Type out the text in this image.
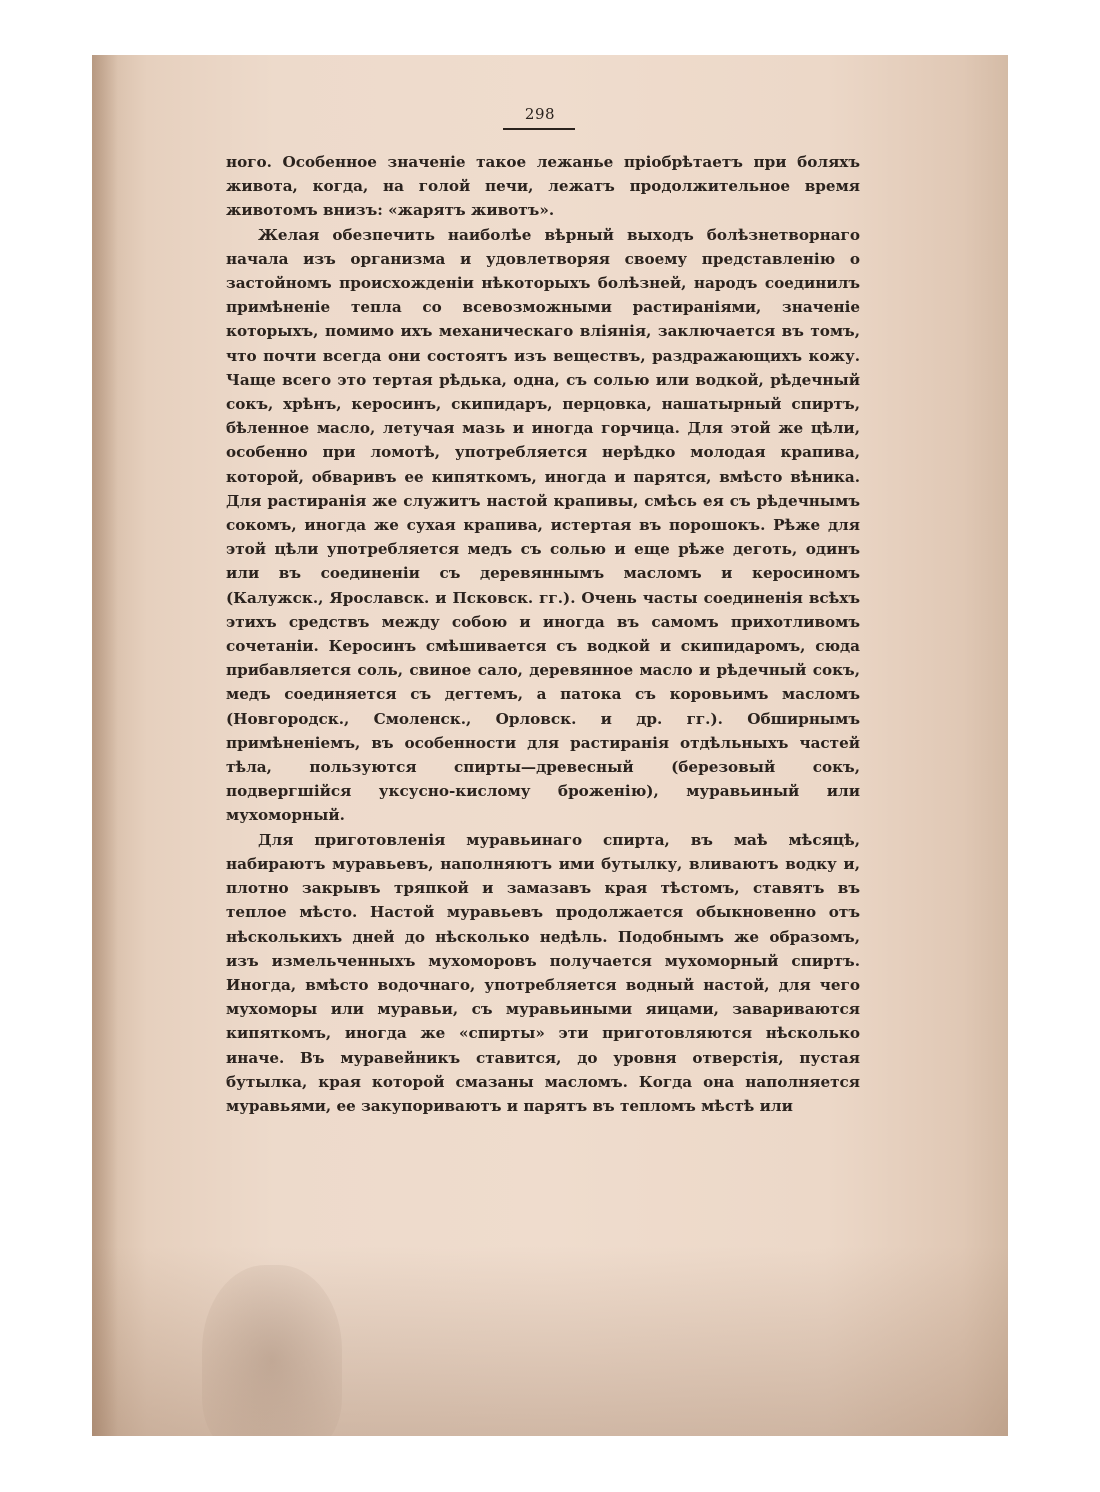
298

ного. Особенное значенie такое лежанье прiобрѣтаетъ при боляхъ живота, когда, на голой печи, лежатъ продолжительное время животомъ внизъ: «жарятъ животъ».

Желая обезпечить наиболѣе вѣрный выходъ болѣзнетворнаго начала изъ организма и удовлетворяя своему представленiю о застойномъ происхожденiи нѣкоторыхъ болѣзней, народъ соединилъ примѣненiе тепла со всевозможными растиранiями, значенiе которыхъ, помимо ихъ механическаго влiянiя, заключается въ томъ, что почти всегда они состоятъ изъ веществъ, раздражающихъ кожу. Чаще всего это тертая рѣдька, одна, съ солью или водкой, рѣдечный сокъ, хрѣнъ, керосинъ, скипидаръ, перцовка, нашатырный спиртъ, бѣленное масло, летучая мазь и иногда горчица. Для этой же цѣли, особенно при ломотѣ, употребляется нерѣдко молодая крапива, которой, обваривъ ее кипяткомъ, иногда и парятся, вмѣсто вѣника. Для растиранiя же служитъ настой крапивы, смѣсь ея съ рѣдечнымъ сокомъ, иногда же сухая крапива, истертая въ порошокъ. Рѣже для этой цѣли употребляется медъ съ солью и еще рѣже деготь, одинъ или въ соединенiи съ деревяннымъ масломъ и керосиномъ (Калужск., Ярославск. и Псковск. гг.). Очень часты соединенiя всѣхъ этихъ средствъ между собою и иногда въ самомъ прихотливомъ сочетанiи. Керосинъ смѣшивается съ водкой и скипидаромъ, сюда прибавляется соль, свиное сало, деревянное масло и рѣдечный сокъ, медъ соединяется съ дегтемъ, а патока съ коровьимъ масломъ (Новгородск., Смоленск., Орловск. и др. гг.). Обширнымъ примѣненiемъ, въ особенности для растиранiя отдѣльныхъ частей тѣла, пользуются спирты—древесный (березовый сокъ, подвергшiйся уксусно-кислому броженiю), муравьиный или мухоморный.

Для приготовленiя муравьинаго спирта, въ маѣ мѣсяцѣ, набираютъ муравьевъ, наполняютъ ими бутылку, вливаютъ водку и, плотно закрывъ тряпкой и замазавъ края тѣстомъ, ставятъ въ теплое мѣсто. Настой муравьевъ продолжается обыкновенно отъ нѣсколькихъ дней до нѣсколько недѣль. Подобнымъ же образомъ, изъ измельченныхъ мухоморовъ получается мухоморный спиртъ. Иногда, вмѣсто водочнаго, употребляется водный настой, для чего мухоморы или муравьи, съ муравьиными яицами, завариваются кипяткомъ, иногда же «спирты» эти приготовляются нѣсколько иначе. Въ муравейникъ ставится, до уровня отверстiя, пустая бутылка, края которой смазаны масломъ. Когда она наполняется муравьями, ее закупориваютъ и парятъ въ тепломъ мѣстѣ или
